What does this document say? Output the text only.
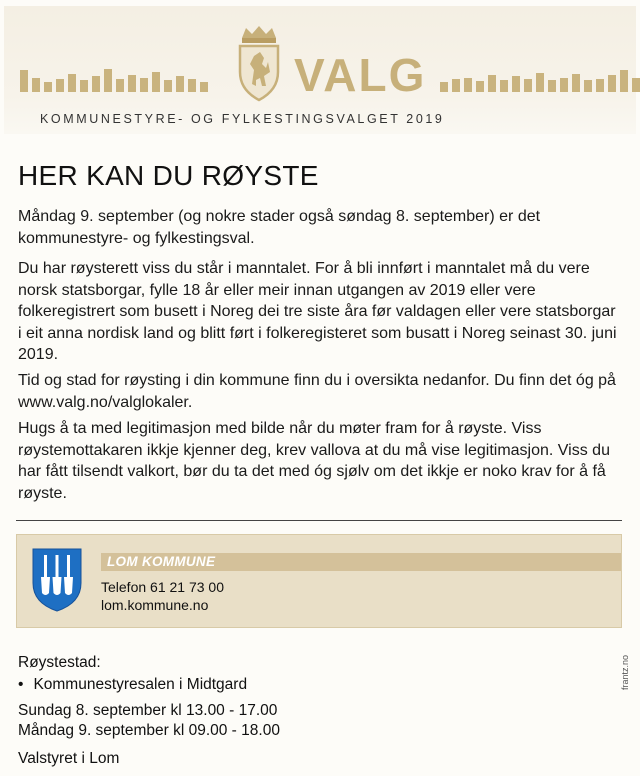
VALG
KOMMUNESTYRE- OG FYLKESTINGSVALGET 2019
HER KAN DU RØYSTE
Måndag 9. september (og nokre stader også søndag 8. september) er det kommunestyre- og fylkestingsval.
Du har røysterett viss du står i manntalet. For å bli innført i manntalet må du vere norsk statsborgar, fylle 18 år eller meir innan utgangen av 2019 eller vere folkeregistrert som busett i Noreg dei tre siste åra før valdagen eller vere statsborgar i eit anna nordisk land og blitt ført i folkeregisteret som busatt i Noreg seinast 30. juni 2019.
Tid og stad for røysting i din kommune finn du i oversikta nedanfor. Du finn det óg på www.valg.no/valglokaler.
Hugs å ta med legitimasjon med bilde når du møter fram for å røyste. Viss røystemottakaren ikkje kjenner deg, krev vallova at du må vise legitimasjon. Viss du har fått tilsendt valkort, bør du ta det med óg sjølv om det ikkje er noko krav for å få røyste.
LOM KOMMUNE
Telefon 61 21 73 00
lom.kommune.no
Røystestad:
• Kommunestyresalen i Midtgard
Sundag 8. september kl 13.00 - 17.00
Måndag 9. september kl 09.00 - 18.00
Valstyret i Lom
frantz.no
